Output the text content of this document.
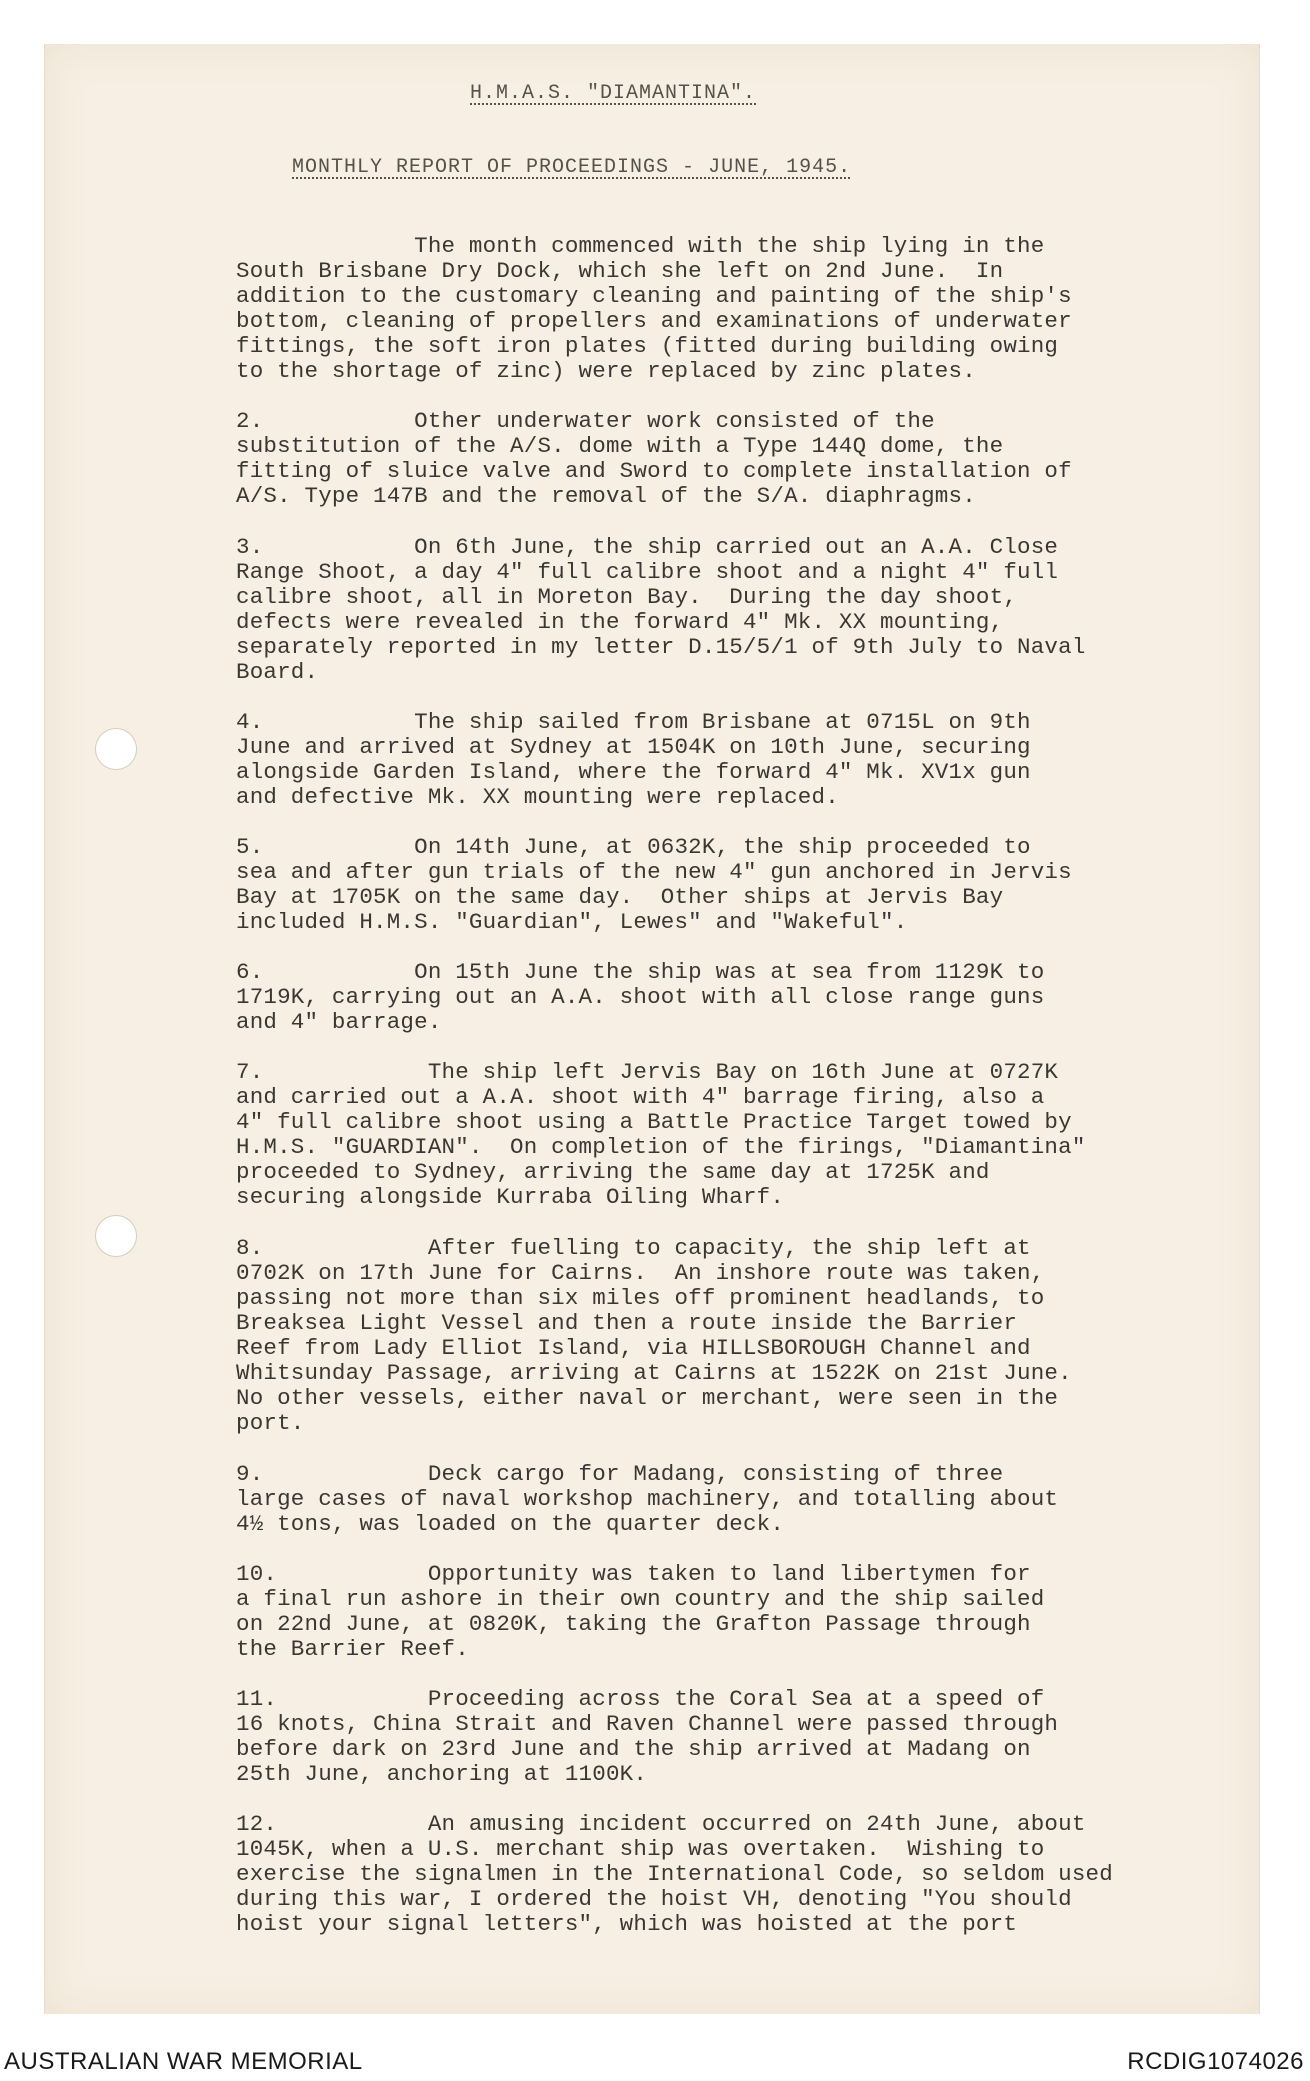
H.M.A.S. "DIAMANTINA".
MONTHLY REPORT OF PROCEEDINGS - JUNE, 1945.
The month commenced with the ship lying in the
South Brisbane Dry Dock, which she left on 2nd June.  In
addition to the customary cleaning and painting of the ship's
bottom, cleaning of propellers and examinations of underwater
fittings, the soft iron plates (fitted during building owing
to the shortage of zinc) were replaced by zinc plates.
2.           Other underwater work consisted of the
substitution of the A/S. dome with a Type 144Q dome, the
fitting of sluice valve and Sword to complete installation of
A/S. Type 147B and the removal of the S/A. diaphragms.
3.           On 6th June, the ship carried out an A.A. Close
Range Shoot, a day 4" full calibre shoot and a night 4" full
calibre shoot, all in Moreton Bay.  During the day shoot,
defects were revealed in the forward 4" Mk. XX mounting,
separately reported in my letter D.15/5/1 of 9th July to Naval
Board.
4.           The ship sailed from Brisbane at 0715L on 9th
June and arrived at Sydney at 1504K on 10th June, securing
alongside Garden Island, where the forward 4" Mk. XV1x gun
and defective Mk. XX mounting were replaced.
5.           On 14th June, at 0632K, the ship proceeded to
sea and after gun trials of the new 4" gun anchored in Jervis
Bay at 1705K on the same day.  Other ships at Jervis Bay
included H.M.S. "Guardian", Lewes" and "Wakeful".
6.           On 15th June the ship was at sea from 1129K to
1719K, carrying out an A.A. shoot with all close range guns
and 4" barrage.
7.            The ship left Jervis Bay on 16th June at 0727K
and carried out a A.A. shoot with 4" barrage firing, also a
4" full calibre shoot using a Battle Practice Target towed by
H.M.S. "GUARDIAN".  On completion of the firings, "Diamantina"
proceeded to Sydney, arriving the same day at 1725K and
securing alongside Kurraba Oiling Wharf.
8.            After fuelling to capacity, the ship left at
0702K on 17th June for Cairns.  An inshore route was taken,
passing not more than six miles off prominent headlands, to
Breaksea Light Vessel and then a route inside the Barrier
Reef from Lady Elliot Island, via HILLSBOROUGH Channel and
Whitsunday Passage, arriving at Cairns at 1522K on 21st June.
No other vessels, either naval or merchant, were seen in the
port.
9.            Deck cargo for Madang, consisting of three
large cases of naval workshop machinery, and totalling about
4½ tons, was loaded on the quarter deck.
10.           Opportunity was taken to land libertymen for
a final run ashore in their own country and the ship sailed
on 22nd June, at 0820K, taking the Grafton Passage through
the Barrier Reef.
11.           Proceeding across the Coral Sea at a speed of
16 knots, China Strait and Raven Channel were passed through
before dark on 23rd June and the ship arrived at Madang on
25th June, anchoring at 1100K.
12.           An amusing incident occurred on 24th June, about
1045K, when a U.S. merchant ship was overtaken.  Wishing to
exercise the signalmen in the International Code, so seldom used
during this war, I ordered the hoist VH, denoting "You should
hoist your signal letters", which was hoisted at the port
AUSTRALIAN WAR MEMORIAL	RCDIG1074026
